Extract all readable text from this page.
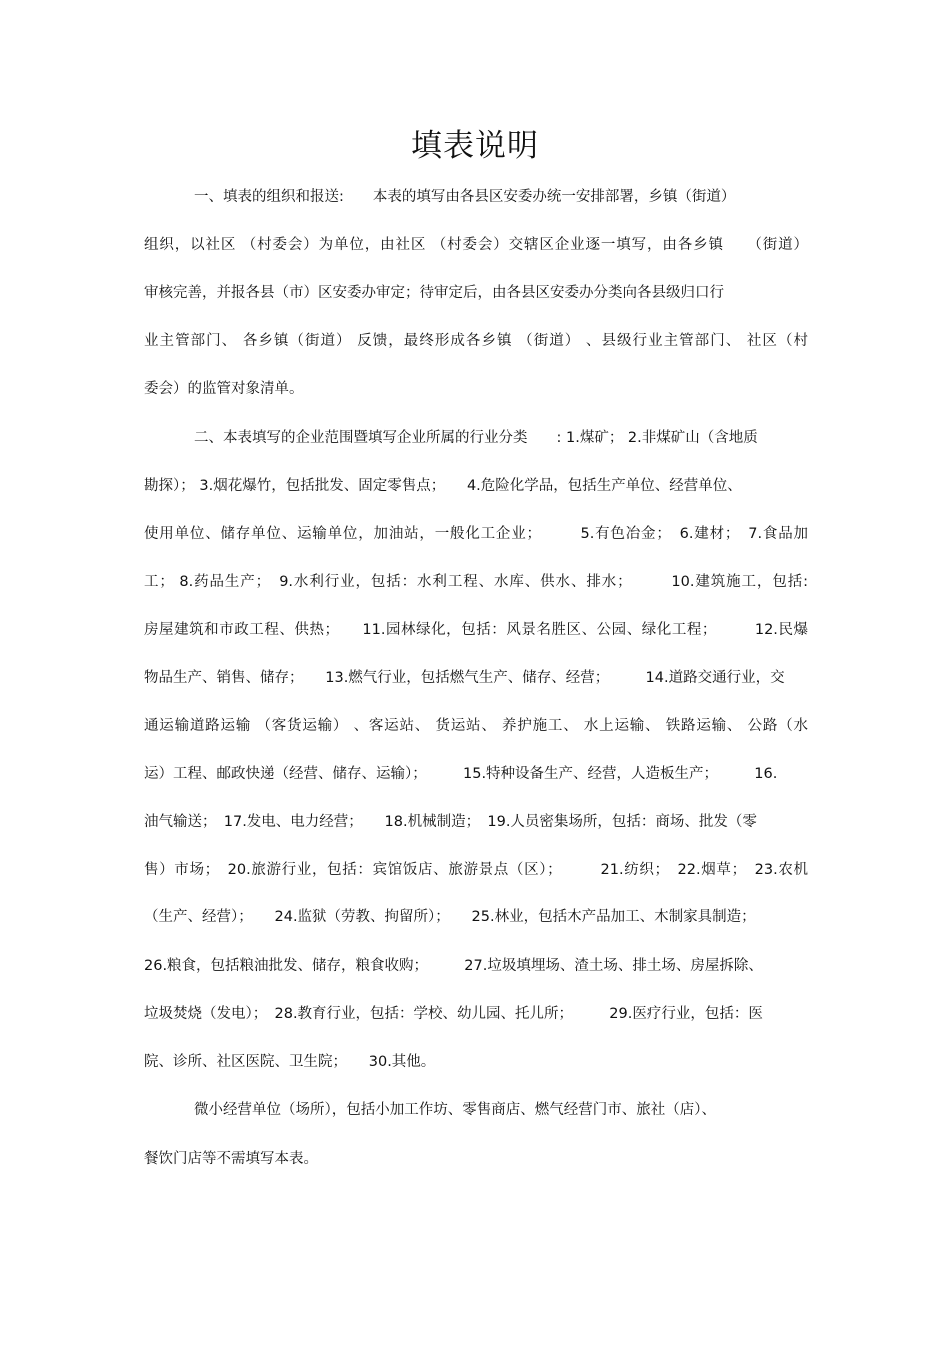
填表说明

一、填表的组织和报送:　　本表的填写由各县区安委办统一安排部署，乡镇（街道）

组织，以社区 （村委会）为单位，由社区 （村委会）交辖区企业逐一填写，由各乡镇　　（街道）

审核完善，并报各县（市）区安委办审定；待审定后，由各县区安委办分类向各县级归口行

业主管部门、 各乡镇（街道） 反馈，最终形成各乡镇 （街道） 、县级行业主管部门、 社区（村

委会）的监管对象清单。

二、本表填写的企业范围暨填写企业所属的行业分类　　: 1.煤矿； 2.非煤矿山（含地质

勘探）； 3.烟花爆竹，包括批发、固定零售点；　　4.危险化学品，包括生产单位、经营单位、

使用单位、储存单位、运输单位，加油站，一般化工企业；　　　5.有色冶金；　6.建材；　7.食品加

工； 8.药品生产；　9.水利行业，包括：水利工程、水库、供水、排水；　　　10.建筑施工，包括:

房屋建筑和市政工程、供热；　　11.园林绿化，包括：风景名胜区、公园、绿化工程；　　　12.民爆

物品生产、销售、储存；　　13.燃气行业，包括燃气生产、储存、经营；　　　14.道路交通行业，交

通运输道路运输 （客货运输） 、客运站、 货运站、 养护施工、 水上运输、 铁路运输、 公路（水

运）工程、邮政快递（经营、储存、运输）；　　　15.特种设备生产、经营，人造板生产；　　　16.

油气输送；　17.发电、电力经营；　　18.机械制造；　19.人员密集场所，包括：商场、批发（零

售）市场；　20.旅游行业，包括：宾馆饭店、旅游景点（区）；　　　21.纺织；　22.烟草；　23.农机

（生产、经营）；　　24.监狱（劳教、拘留所）；　　25.林业，包括木产品加工、木制家具制造；

26.粮食，包括粮油批发、储存，粮食收购；　　　27.垃圾填埋场、渣土场、排土场、房屋拆除、

垃圾焚烧（发电）；　28.教育行业，包括：学校、幼儿园、托儿所；　　　29.医疗行业，包括：医

院、诊所、社区医院、卫生院；　　30.其他。

微小经营单位（场所），包括小加工作坊、零售商店、燃气经营门市、旅社（店）、

餐饮门店等不需填写本表。
